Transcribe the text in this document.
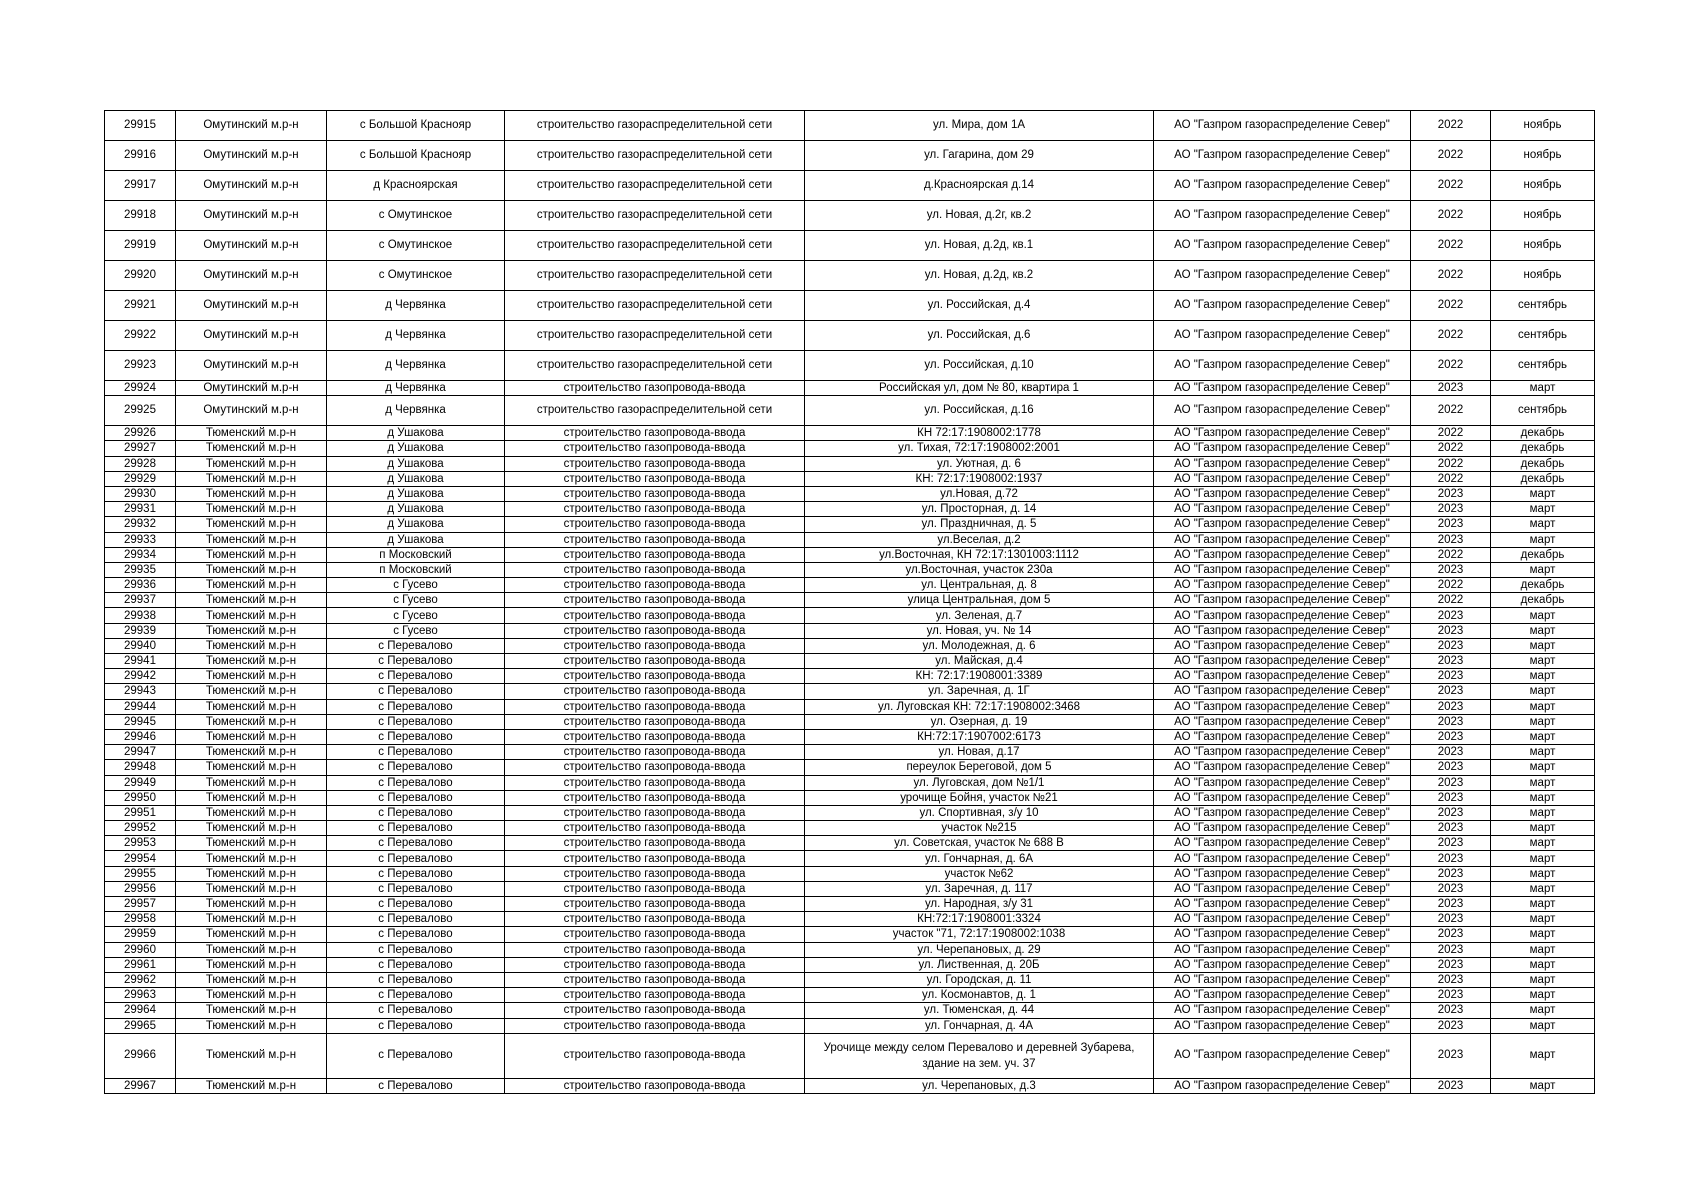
29915	Омутинский м.р-н	с Большой Краснояр	строительство газораспределительной сети	ул. Мира, дом 1А	АО "Газпром газораспределение Север"	2022	ноябрь
29916	Омутинский м.р-н	с Большой Краснояр	строительство газораспределительной сети	ул. Гагарина, дом 29	АО "Газпром газораспределение Север"	2022	ноябрь
29917	Омутинский м.р-н	д Красноярская	строительство газораспределительной сети	д.Красноярская д.14	АО "Газпром газораспределение Север"	2022	ноябрь
29918	Омутинский м.р-н	с Омутинское	строительство газораспределительной сети	ул. Новая, д.2г, кв.2	АО "Газпром газораспределение Север"	2022	ноябрь
29919	Омутинский м.р-н	с Омутинское	строительство газораспределительной сети	ул. Новая, д.2д, кв.1	АО "Газпром газораспределение Север"	2022	ноябрь
29920	Омутинский м.р-н	с Омутинское	строительство газораспределительной сети	ул. Новая, д.2д, кв.2	АО "Газпром газораспределение Север"	2022	ноябрь
29921	Омутинский м.р-н	д Червянка	строительство газораспределительной сети	ул. Российская, д.4	АО "Газпром газораспределение Север"	2022	сентябрь
29922	Омутинский м.р-н	д Червянка	строительство газораспределительной сети	ул. Российская, д.6	АО "Газпром газораспределение Север"	2022	сентябрь
29923	Омутинский м.р-н	д Червянка	строительство газораспределительной сети	ул. Российская, д.10	АО "Газпром газораспределение Север"	2022	сентябрь
29924	Омутинский м.р-н	д Червянка	строительство газопровода-ввода	Российская ул, дом № 80, квартира 1	АО "Газпром газораспределение Север"	2023	март
29925	Омутинский м.р-н	д Червянка	строительство газораспределительной сети	ул. Российская, д.16	АО "Газпром газораспределение Север"	2022	сентябрь
29926	Тюменский м.р-н	д Ушакова	строительство газопровода-ввода	КН 72:17:1908002:1778	АО "Газпром газораспределение Север"	2022	декабрь
29927	Тюменский м.р-н	д Ушакова	строительство газопровода-ввода	ул. Тихая, 72:17:1908002:2001	АО "Газпром газораспределение Север"	2022	декабрь
29928	Тюменский м.р-н	д Ушакова	строительство газопровода-ввода	ул. Уютная, д. 6	АО "Газпром газораспределение Север"	2022	декабрь
29929	Тюменский м.р-н	д Ушакова	строительство газопровода-ввода	КН: 72:17:1908002:1937	АО "Газпром газораспределение Север"	2022	декабрь
29930	Тюменский м.р-н	д Ушакова	строительство газопровода-ввода	ул.Новая, д.72	АО "Газпром газораспределение Север"	2023	март
29931	Тюменский м.р-н	д Ушакова	строительство газопровода-ввода	ул. Просторная, д. 14	АО "Газпром газораспределение Север"	2023	март
29932	Тюменский м.р-н	д Ушакова	строительство газопровода-ввода	ул. Праздничная, д. 5	АО "Газпром газораспределение Север"	2023	март
29933	Тюменский м.р-н	д Ушакова	строительство газопровода-ввода	ул.Веселая, д.2	АО "Газпром газораспределение Север"	2023	март
29934	Тюменский м.р-н	п Московский	строительство газопровода-ввода	ул.Восточная, КН 72:17:1301003:1112	АО "Газпром газораспределение Север"	2022	декабрь
29935	Тюменский м.р-н	п Московский	строительство газопровода-ввода	ул.Восточная, участок 230а	АО "Газпром газораспределение Север"	2023	март
29936	Тюменский м.р-н	с Гусево	строительство газопровода-ввода	ул. Центральная, д. 8	АО "Газпром газораспределение Север"	2022	декабрь
29937	Тюменский м.р-н	с Гусево	строительство газопровода-ввода	улица Центральная, дом 5	АО "Газпром газораспределение Север"	2022	декабрь
29938	Тюменский м.р-н	с Гусево	строительство газопровода-ввода	ул. Зеленая, д.7	АО "Газпром газораспределение Север"	2023	март
29939	Тюменский м.р-н	с Гусево	строительство газопровода-ввода	ул. Новая, уч. № 14	АО "Газпром газораспределение Север"	2023	март
29940	Тюменский м.р-н	с Перевалово	строительство газопровода-ввода	ул. Молодежная, д. 6	АО "Газпром газораспределение Север"	2023	март
29941	Тюменский м.р-н	с Перевалово	строительство газопровода-ввода	ул. Майская, д.4	АО "Газпром газораспределение Север"	2023	март
29942	Тюменский м.р-н	с Перевалово	строительство газопровода-ввода	КН: 72:17:1908001:3389	АО "Газпром газораспределение Север"	2023	март
29943	Тюменский м.р-н	с Перевалово	строительство газопровода-ввода	ул. Заречная, д. 1Г	АО "Газпром газораспределение Север"	2023	март
29944	Тюменский м.р-н	с Перевалово	строительство газопровода-ввода	ул. Луговская КН: 72:17:1908002:3468	АО "Газпром газораспределение Север"	2023	март
29945	Тюменский м.р-н	с Перевалово	строительство газопровода-ввода	ул. Озерная, д. 19	АО "Газпром газораспределение Север"	2023	март
29946	Тюменский м.р-н	с Перевалово	строительство газопровода-ввода	КН:72:17:1907002:6173	АО "Газпром газораспределение Север"	2023	март
29947	Тюменский м.р-н	с Перевалово	строительство газопровода-ввода	ул. Новая, д.17	АО "Газпром газораспределение Север"	2023	март
29948	Тюменский м.р-н	с Перевалово	строительство газопровода-ввода	переулок Береговой, дом 5	АО "Газпром газораспределение Север"	2023	март
29949	Тюменский м.р-н	с Перевалово	строительство газопровода-ввода	ул. Луговская, дом №1/1	АО "Газпром газораспределение Север"	2023	март
29950	Тюменский м.р-н	с Перевалово	строительство газопровода-ввода	урочище Бойня, участок №21	АО "Газпром газораспределение Север"	2023	март
29951	Тюменский м.р-н	с Перевалово	строительство газопровода-ввода	ул. Спортивная, з/у 10	АО "Газпром газораспределение Север"	2023	март
29952	Тюменский м.р-н	с Перевалово	строительство газопровода-ввода	участок №215	АО "Газпром газораспределение Север"	2023	март
29953	Тюменский м.р-н	с Перевалово	строительство газопровода-ввода	ул. Советская, участок № 688 В	АО "Газпром газораспределение Север"	2023	март
29954	Тюменский м.р-н	с Перевалово	строительство газопровода-ввода	ул. Гончарная, д. 6А	АО "Газпром газораспределение Север"	2023	март
29955	Тюменский м.р-н	с Перевалово	строительство газопровода-ввода	участок №62	АО "Газпром газораспределение Север"	2023	март
29956	Тюменский м.р-н	с Перевалово	строительство газопровода-ввода	ул. Заречная, д. 117	АО "Газпром газораспределение Север"	2023	март
29957	Тюменский м.р-н	с Перевалово	строительство газопровода-ввода	ул. Народная, з/у 31	АО "Газпром газораспределение Север"	2023	март
29958	Тюменский м.р-н	с Перевалово	строительство газопровода-ввода	КН:72:17:1908001:3324	АО "Газпром газораспределение Север"	2023	март
29959	Тюменский м.р-н	с Перевалово	строительство газопровода-ввода	участок "71, 72:17:1908002:1038	АО "Газпром газораспределение Север"	2023	март
29960	Тюменский м.р-н	с Перевалово	строительство газопровода-ввода	ул. Черепановых, д. 29	АО "Газпром газораспределение Север"	2023	март
29961	Тюменский м.р-н	с Перевалово	строительство газопровода-ввода	ул. Лиственная, д. 20Б	АО "Газпром газораспределение Север"	2023	март
29962	Тюменский м.р-н	с Перевалово	строительство газопровода-ввода	ул. Городская, д. 11	АО "Газпром газораспределение Север"	2023	март
29963	Тюменский м.р-н	с Перевалово	строительство газопровода-ввода	ул. Космонавтов, д. 1	АО "Газпром газораспределение Север"	2023	март
29964	Тюменский м.р-н	с Перевалово	строительство газопровода-ввода	ул. Тюменская, д. 44	АО "Газпром газораспределение Север"	2023	март
29965	Тюменский м.р-н	с Перевалово	строительство газопровода-ввода	ул. Гончарная, д. 4А	АО "Газпром газораспределение Север"	2023	март
29966	Тюменский м.р-н	с Перевалово	строительство газопровода-ввода	Урочище между селом Перевалово и деревней Зубарева, здание на зем. уч. 37	АО "Газпром газораспределение Север"	2023	март
29967	Тюменский м.р-н	с Перевалово	строительство газопровода-ввода	ул. Черепановых, д.3	АО "Газпром газораспределение Север"	2023	март
